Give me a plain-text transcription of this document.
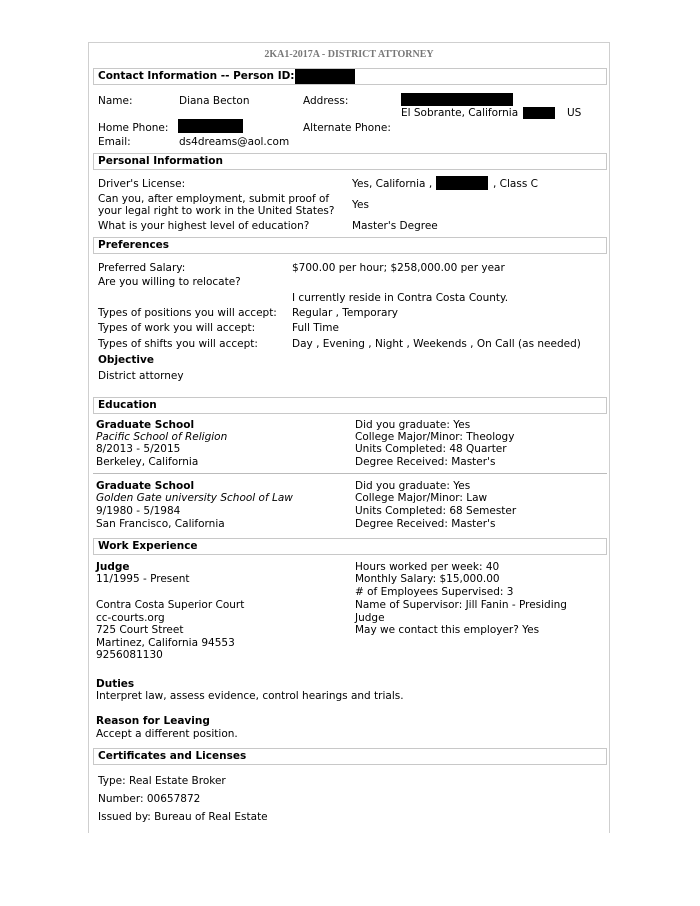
2KA1-2017A - DISTRICT ATTORNEY
Contact Information -- Person ID:
Name:	Diana Becton	Address:
El Sobrante, California	US
Home Phone:	Alternate Phone:
Email:	ds4dreams@aol.com
Personal Information
Driver's License:	Yes, California ,	, Class C
Can you, after employment, submit proof of
your legal right to work in the United States? Yes
What is your highest level of education?	Master's Degree
Preferences
Preferred Salary:	$700.00 per hour; $258,000.00 per year
Are you willing to relocate?
I currently reside in Contra Costa County.
Types of positions you will accept: Regular , Temporary
Types of work you will accept:	Full Time
Types of shifts you will accept:	Day , Evening , Night , Weekends , On Call (as needed)
Objective
District attorney
Education
Graduate School
Pacific School of Religion
8/2013 - 5/2015
Berkeley, California
Did you graduate: Yes
College Major/Minor: Theology
Units Completed: 48 Quarter
Degree Received: Master's
Graduate School
Golden Gate university School of Law
9/1980 - 5/1984
San Francisco, California
Did you graduate: Yes
College Major/Minor: Law
Units Completed: 68 Semester
Degree Received: Master's
Work Experience
Judge
11/1995 - Present
Contra Costa Superior Court
cc-courts.org
725 Court Street
Martinez, California 94553
9256081130
Hours worked per week: 40
Monthly Salary: $15,000.00
# of Employees Supervised: 3
Name of Supervisor: Jill Fanin - Presiding
Judge
May we contact this employer? Yes
Duties
Interpret law, assess evidence, control hearings and trials.
Reason for Leaving
Accept a different position.
Certificates and Licenses
Type: Real Estate Broker
Number: 00657872
Issued by: Bureau of Real Estate
